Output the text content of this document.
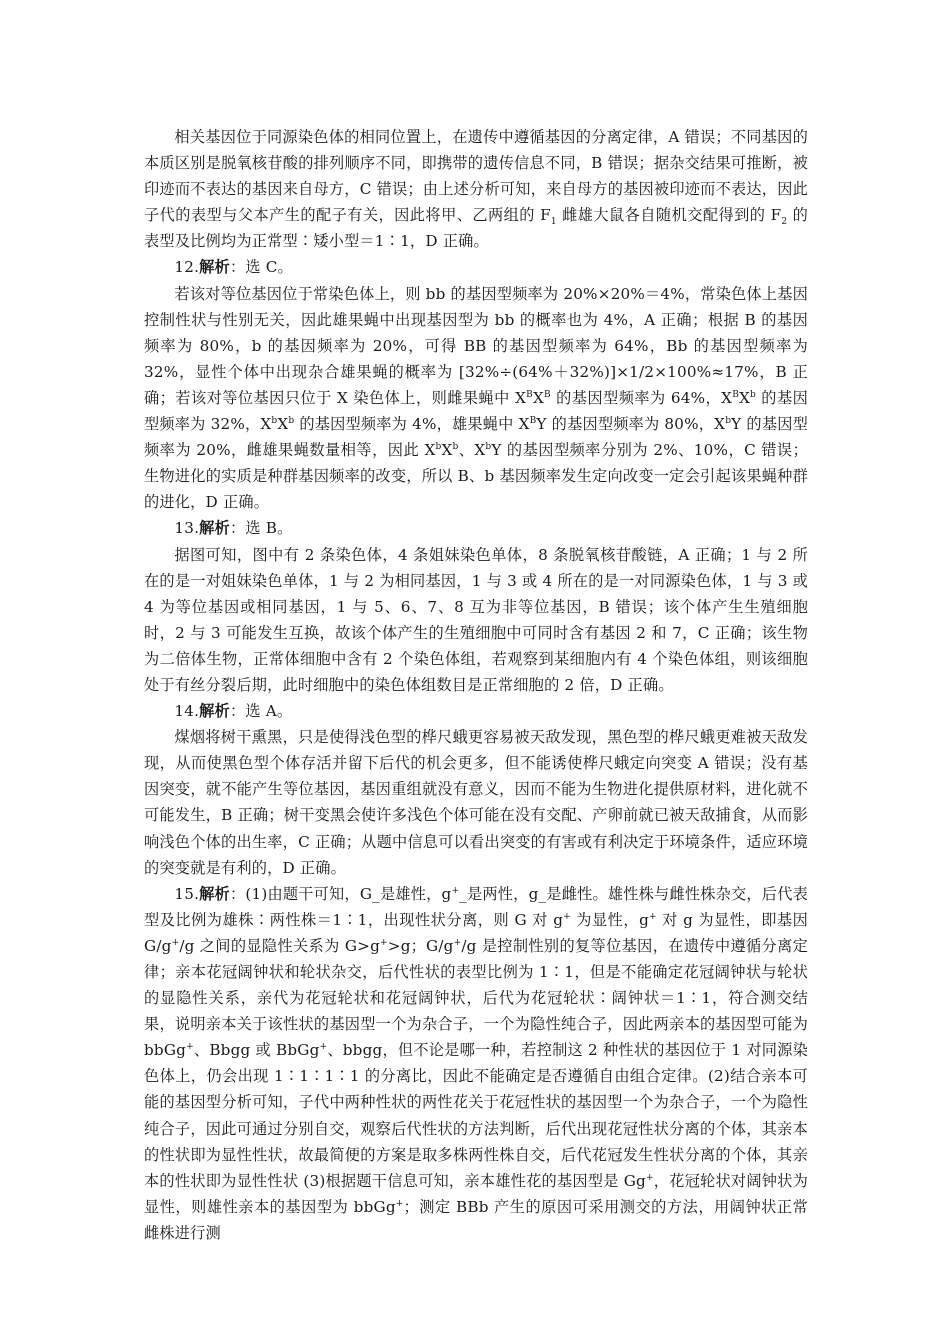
相关基因位于同源染色体的相同位置上，在遗传中遵循基因的分离定律，A 错误；不同基因的本质区别是脱氧核苷酸的排列顺序不同，即携带的遗传信息不同，B 错误；据杂交结果可推断，被印迹而不表达的基因来自母方，C 错误；由上述分析可知，来自母方的基因被印迹而不表达，因此子代的表型与父本产生的配子有关，因此将甲、乙两组的 $F_1$ 雌雄大鼠各自随机交配得到的 $F_2$ 的表型及比例均为正常型∶矮小型＝1∶1，D 正确。

12.解析：选 C。

若该对等位基因位于常染色体上，则 bb 的基因型频率为 20%×20%＝4%，常染色体上基因控制性状与性别无关，因此雄果蝇中出现基因型为 bb 的概率也为 4%，A 正确；根据 B 的基因频率为 80%，b 的基因频率为 20%，可得 BB 的基因型频率为 64%，Bb 的基因型频率为 32%，显性个体中出现杂合雄果蝇的概率为 [32%÷(64%＋32%)]×1/2×100%≈17%，B 正确；若该对等位基因只位于 X 染色体上，则雌果蝇中 $X^BX^B$ 的基因型频率为 64%，$X^BX^b$ 的基因型频率为 32%，$X^bX^b$ 的基因型频率为 4%，雄果蝇中 $X^BY$ 的基因型频率为 80%，$X^bY$ 的基因型频率为 20%，雌雄果蝇数量相等，因此 $X^bX^b$、$X^bY$ 的基因型频率分别为 2%、10%，C 错误；生物进化的实质是种群基因频率的改变，所以 B、b 基因频率发生定向改变一定会引起该果蝇种群的进化，D 正确。

13.解析：选 B。

据图可知，图中有 2 条染色体，4 条姐妹染色单体，8 条脱氧核苷酸链，A 正确；1 与 2 所在的是一对姐妹染色单体，1 与 2 为相同基因，1 与 3 或 4 所在的是一对同源染色体，1 与 3 或 4 为等位基因或相同基因，1 与 5、6、7、8 互为非等位基因，B 错误；该个体产生生殖细胞时，2 与 3 可能发生互换，故该个体产生的生殖细胞中可同时含有基因 2 和 7，C 正确；该生物为二倍体生物，正常体细胞中含有 2 个染色体组，若观察到某细胞内有 4 个染色体组，则该细胞处于有丝分裂后期，此时细胞中的染色体组数目是正常细胞的 2 倍，D 正确。

14.解析：选 A。

煤烟将树干熏黑，只是使得浅色型的桦尺蛾更容易被天敌发现，黑色型的桦尺蛾更难被天敌发现，从而使黑色型个体存活并留下后代的机会更多，但不能诱使桦尺蛾定向突变 A 错误；没有基因突变，就不能产生等位基因，基因重组就没有意义，因而不能为生物进化提供原材料，进化就不可能发生，B 正确；树干变黑会使许多浅色个体可能在没有交配、产卵前就已被天敌捕食，从而影响浅色个体的出生率，C 正确；从题中信息可以看出突变的有害或有利决定于环境条件，适应环境的突变就是有利的，D 正确。

15.解析：(1)由题干可知，G_是雄性，g+_是两性，g_是雌性。雄性株与雌性株杂交，后代表型及比例为雄株∶两性株＝1∶1，出现性状分离，则 G 对 g+ 为显性，g+ 对 g 为显性，即基因 G/g+/g 之间的显隐性关系为 G>g+>g；G/g+/g 是控制性别的复等位基因，在遗传中遵循分离定律；亲本花冠阔钟状和轮状杂交，后代性状的表型比例为 1∶1，但是不能确定花冠阔钟状与轮状的显隐性关系，亲代为花冠轮状和花冠阔钟状，后代为花冠轮状∶阔钟状＝1∶1，符合测交结果，说明亲本关于该性状的基因型一个为杂合子，一个为隐性纯合子，因此两亲本的基因型可能为 bbGg+、Bbgg 或 BbGg+、bbgg，但不论是哪一种，若控制这 2 种性状的基因位于 1 对同源染色体上，仍会出现 1∶1∶1∶1 的分离比，因此不能确定是否遵循自由组合定律。(2)结合亲本可能的基因型分析可知，子代中两种性状的两性花关于花冠性状的基因型一个为杂合子，一个为隐性纯合子，因此可通过分别自交，观察后代性状的方法判断，后代出现花冠性状分离的个体，其亲本的性状即为显性性状，故最简便的方案是取多株两性株自交，后代花冠发生性状分离的个体，其亲本的性状即为显性性状 (3)根据题干信息可知，亲本雄性花的基因型是 Gg+，花冠轮状对阔钟状为显性，则雄性亲本的基因型为 bbGg+；测定 BBb 产生的原因可采用测交的方法，用阔钟状正常雌株进行测
